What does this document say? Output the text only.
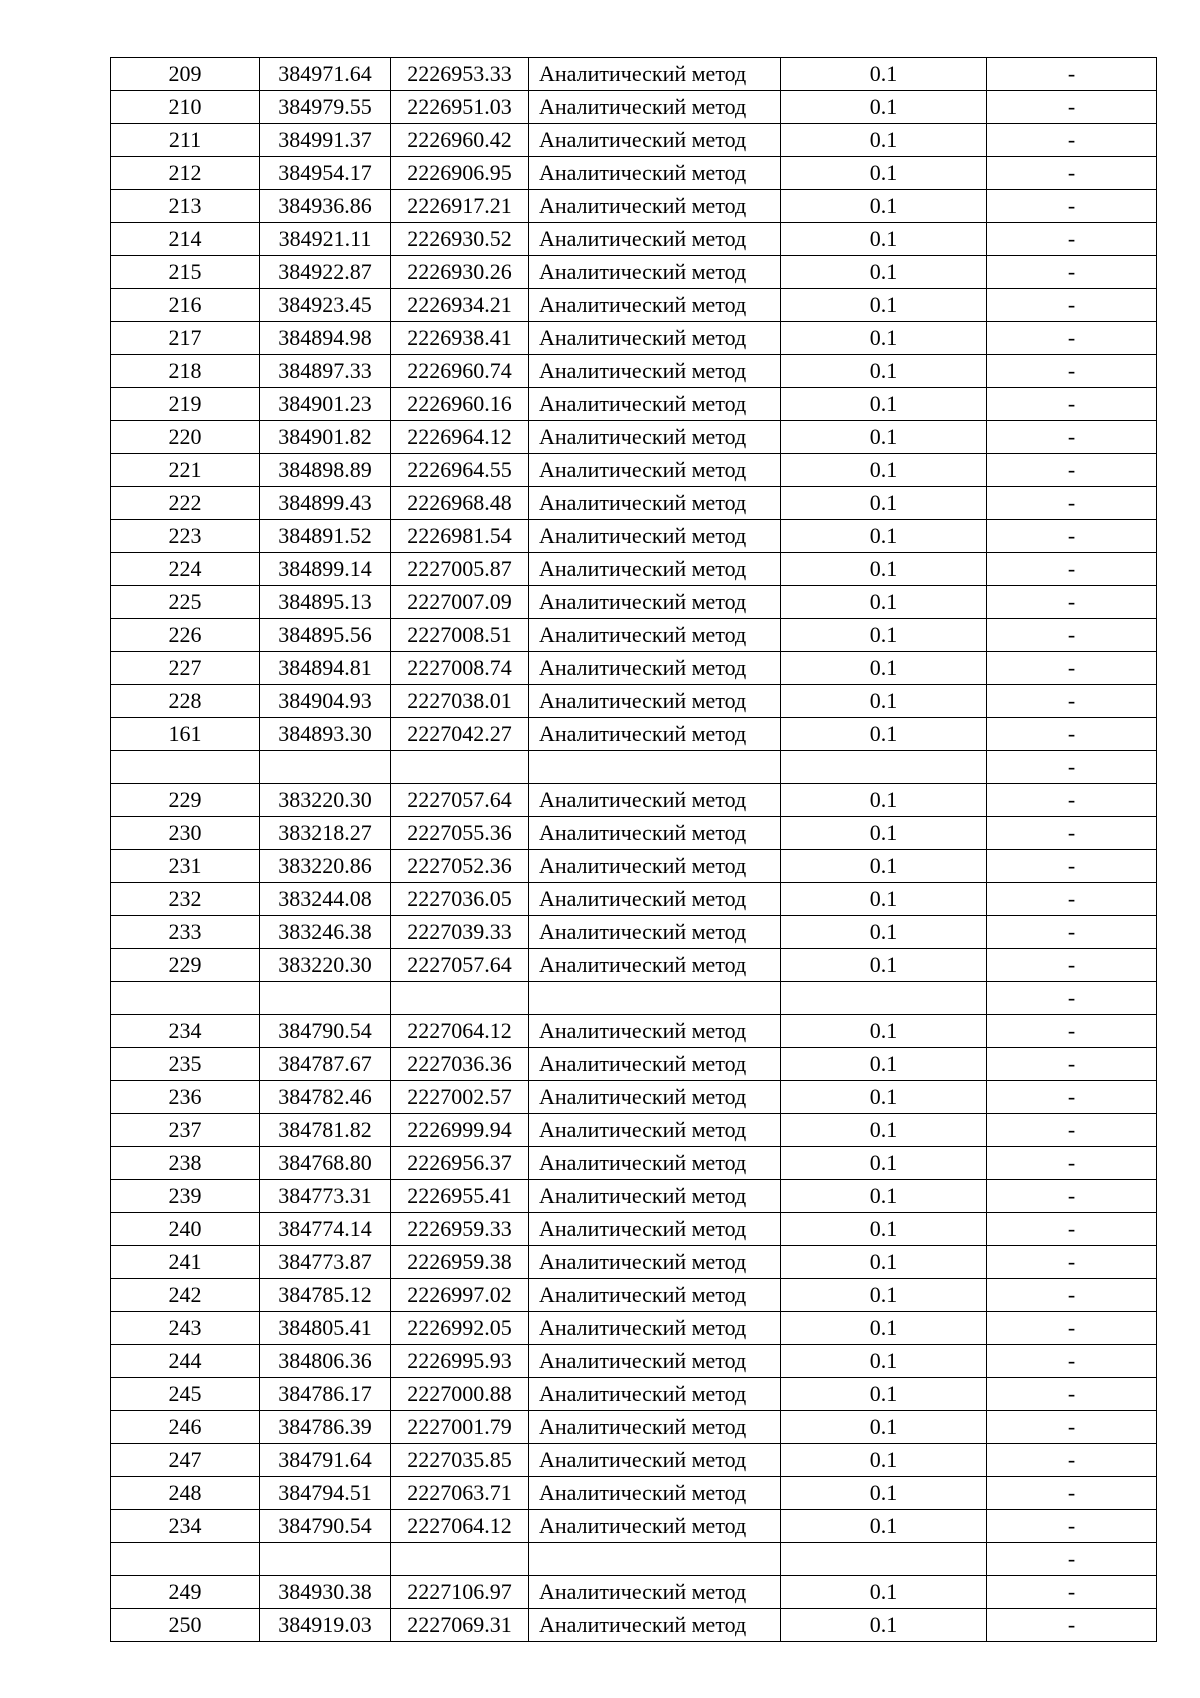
209	384971.64	2226953.33	Аналитический метод	0.1	-
210	384979.55	2226951.03	Аналитический метод	0.1	-
211	384991.37	2226960.42	Аналитический метод	0.1	-
212	384954.17	2226906.95	Аналитический метод	0.1	-
213	384936.86	2226917.21	Аналитический метод	0.1	-
214	384921.11	2226930.52	Аналитический метод	0.1	-
215	384922.87	2226930.26	Аналитический метод	0.1	-
216	384923.45	2226934.21	Аналитический метод	0.1	-
217	384894.98	2226938.41	Аналитический метод	0.1	-
218	384897.33	2226960.74	Аналитический метод	0.1	-
219	384901.23	2226960.16	Аналитический метод	0.1	-
220	384901.82	2226964.12	Аналитический метод	0.1	-
221	384898.89	2226964.55	Аналитический метод	0.1	-
222	384899.43	2226968.48	Аналитический метод	0.1	-
223	384891.52	2226981.54	Аналитический метод	0.1	-
224	384899.14	2227005.87	Аналитический метод	0.1	-
225	384895.13	2227007.09	Аналитический метод	0.1	-
226	384895.56	2227008.51	Аналитический метод	0.1	-
227	384894.81	2227008.74	Аналитический метод	0.1	-
228	384904.93	2227038.01	Аналитический метод	0.1	-
161	384893.30	2227042.27	Аналитический метод	0.1	-
					-
229	383220.30	2227057.64	Аналитический метод	0.1	-
230	383218.27	2227055.36	Аналитический метод	0.1	-
231	383220.86	2227052.36	Аналитический метод	0.1	-
232	383244.08	2227036.05	Аналитический метод	0.1	-
233	383246.38	2227039.33	Аналитический метод	0.1	-
229	383220.30	2227057.64	Аналитический метод	0.1	-
					-
234	384790.54	2227064.12	Аналитический метод	0.1	-
235	384787.67	2227036.36	Аналитический метод	0.1	-
236	384782.46	2227002.57	Аналитический метод	0.1	-
237	384781.82	2226999.94	Аналитический метод	0.1	-
238	384768.80	2226956.37	Аналитический метод	0.1	-
239	384773.31	2226955.41	Аналитический метод	0.1	-
240	384774.14	2226959.33	Аналитический метод	0.1	-
241	384773.87	2226959.38	Аналитический метод	0.1	-
242	384785.12	2226997.02	Аналитический метод	0.1	-
243	384805.41	2226992.05	Аналитический метод	0.1	-
244	384806.36	2226995.93	Аналитический метод	0.1	-
245	384786.17	2227000.88	Аналитический метод	0.1	-
246	384786.39	2227001.79	Аналитический метод	0.1	-
247	384791.64	2227035.85	Аналитический метод	0.1	-
248	384794.51	2227063.71	Аналитический метод	0.1	-
234	384790.54	2227064.12	Аналитический метод	0.1	-
					-
249	384930.38	2227106.97	Аналитический метод	0.1	-
250	384919.03	2227069.31	Аналитический метод	0.1	-
